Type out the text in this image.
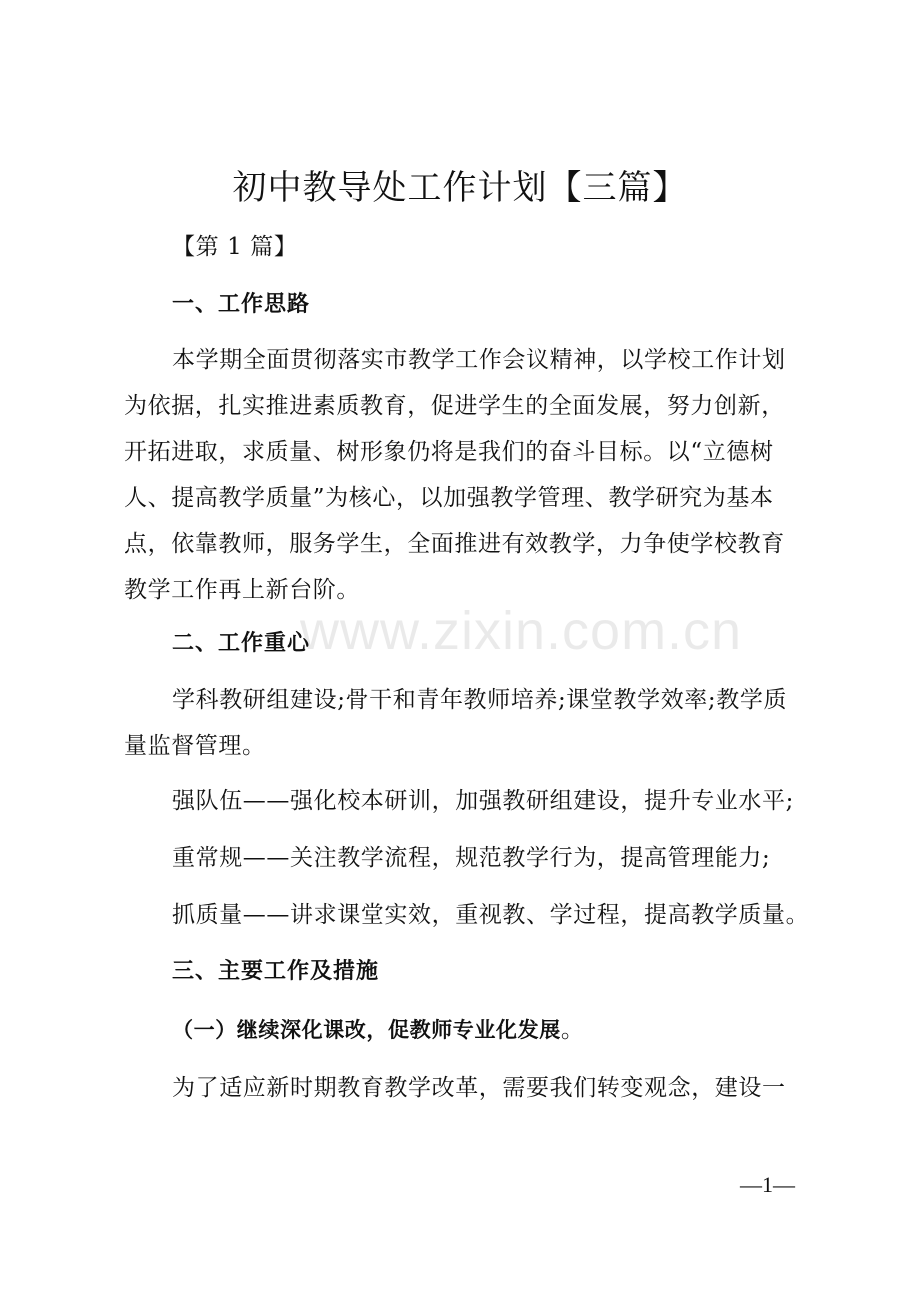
www.zixin.com.cn
初中教导处工作计划【三篇】
【第 1 篇】
一、工作思路
本学期全面贯彻落实市教学工作会议精神，以学校工作计划
为依据，扎实推进素质教育，促进学生的全面发展，努力创新，
开拓进取，求质量、树形象仍将是我们的奋斗目标。以“立德树
人、提高教学质量”为核心，以加强教学管理、教学研究为基本
点，依靠教师，服务学生，全面推进有效教学，力争使学校教育
教学工作再上新台阶。
二、工作重心
学科教研组建设;骨干和青年教师培养;课堂教学效率;教学质
量监督管理。
强队伍——强化校本研训，加强教研组建设，提升专业水平;
重常规——关注教学流程，规范教学行为，提高管理能力;
抓质量——讲求课堂实效，重视教、学过程，提高教学质量。
三、主要工作及措施
（一）继续深化课改，促教师专业化发展。
为了适应新时期教育教学改革，需要我们转变观念，建设一
—1—
